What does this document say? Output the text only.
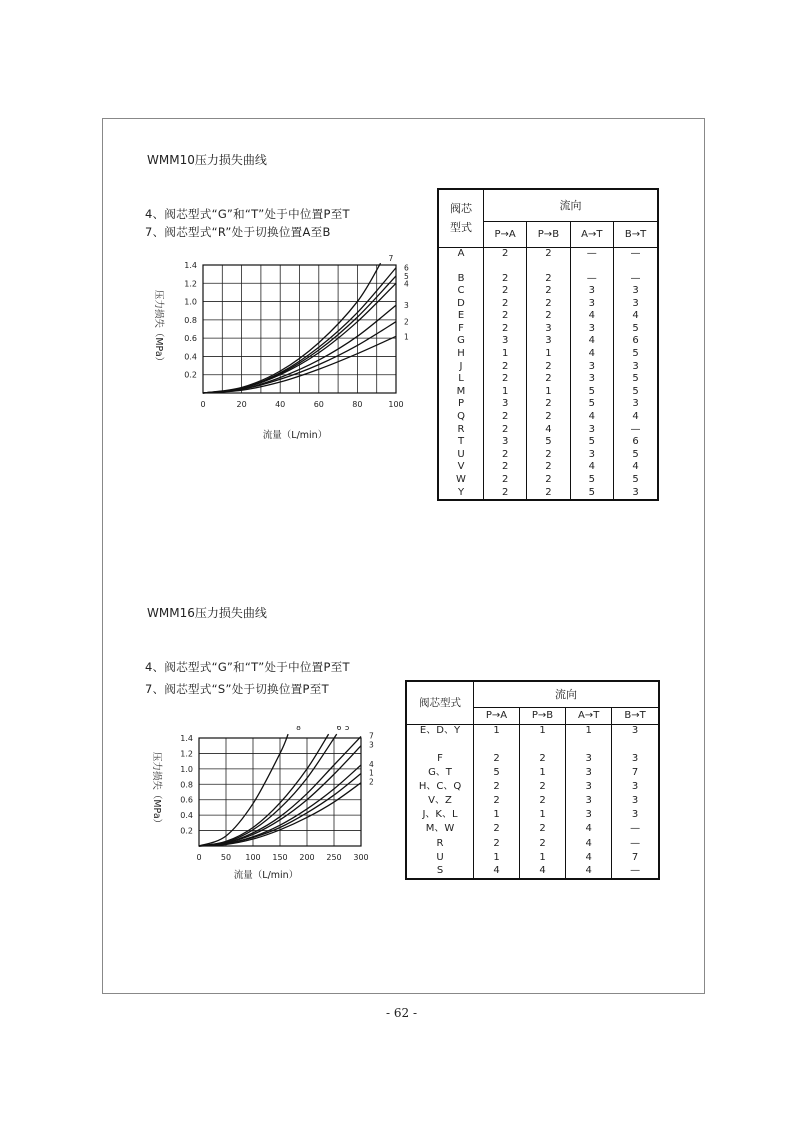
WMM10压力损失曲线
4、阀芯型式“G”和“T”处于中位置P至T
7、阀芯型式“R”处于切换位置A至B
0.2
0.4
0.6
0.8
1.0
1.2
1.4
0	20	40	60	80	100
流量（L/min）
压力损失（MPa）
7
6
5
4
3
2
1
阀芯
型式	流向			
	P→A	P→B	A→T	B→T
A	2	2	—	—

B	2	2	—	—
C	2	2	3	3
D	2	2	3	3
E	2	2	4	4
F	2	3	3	5
G	3	3	4	6
H	1	1	4	5
J	2	2	3	3
L	2	2	3	5
M	1	1	5	5
P	3	2	5	3
Q	2	2	4	4
R	2	4	3	—
T	3	5	5	6
U	2	2	3	5
V	2	2	4	4
W	2	2	5	5
Y	2	2	5	3
WMM16压力损失曲线
4、阀芯型式“G”和“T”处于中位置P至T
7、阀芯型式“S”处于切换位置P至T
0.2
0.4
0.6
0.8
1.0
1.2
1.4
0 50 100 150 200 250 300
流量（L/min）
压力损失（MPa）
8	6 5
7
3
4
1
2
阀芯型式	流向			
	P→A	P→B	A→T	B→T
E、D、Y	1	1	1	3

F	2	2	3	3
G、T	5	1	3	7
H、C、Q	2	2	3	3
V、Z	2	2	3	3
J、K、L	1	1	3	3
M、W	2	2	4	—
R	2	2	4	—
U	1	1	4	7
S	4	4	4	—
- 62 -
